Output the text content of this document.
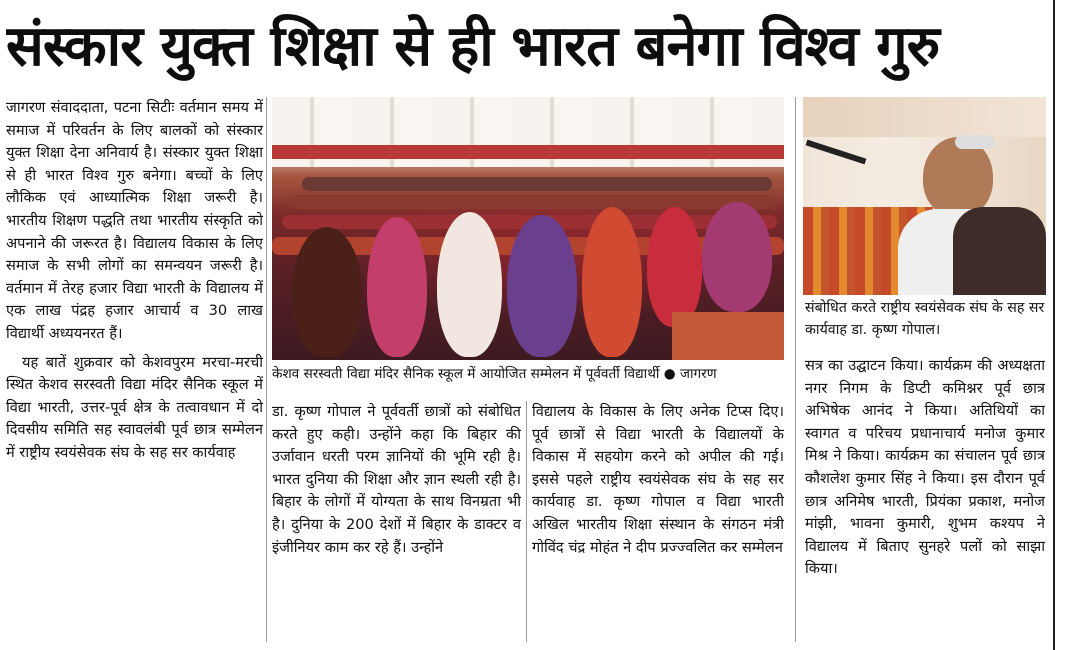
संस्कार युक्त शिक्षा से ही भारत बनेगा विश्व गुरु

जागरण संवाददाता, पटना सिटीः वर्तमान समय में समाज में परिवर्तन के लिए बालकों को संस्कार युक्त शिक्षा देना अनिवार्य है। संस्कार युक्त शिक्षा से ही भारत विश्व गुरु बनेगा। बच्चों के लिए लौकिक एवं आध्यात्मिक शिक्षा जरूरी है। भारतीय शिक्षण पद्धति तथा भारतीय संस्कृति को अपनाने की जरूरत है। विद्यालय विकास के लिए समाज के सभी लोगों का समन्वयन जरूरी है। वर्तमान में तेरह हजार विद्या भारती के विद्यालय में एक लाख पंद्रह हजार आचार्य व 30 लाख विद्यार्थी अध्ययनरत हैं।

यह बातें शुक्रवार को केशवपुरम मरचा-मरची स्थित केशव सरस्वती विद्या मंदिर सैनिक स्कूल में विद्या भारती, उत्तर-पूर्व क्षेत्र के तत्वावधान में दो दिवसीय समिति सह स्वावलंबी पूर्व छात्र सम्मेलन में राष्ट्रीय स्वयंसेवक संघ के सह सर कार्यवाह

केशव सरस्वती विद्या मंदिर सैनिक स्कूल में आयोजित सम्मेलन में पूर्ववर्ती विद्यार्थी ● जागरण

डा. कृष्ण गोपाल ने पूर्ववर्ती छात्रों को संबोधित करते हुए कही। उन्होंने कहा कि बिहार की उर्जावान धरती परम ज्ञानियों की भूमि रही है। भारत दुनिया की शिक्षा और ज्ञान स्थली रही है। बिहार के लोगों में योग्यता के साथ विनम्रता भी है। दुनिया के 200 देशों में बिहार के डाक्टर व इंजीनियर काम कर रहे हैं। उन्होंने

विद्यालय के विकास के लिए अनेक टिप्स दिए। पूर्व छात्रों से विद्या भारती के विद्यालयों के विकास में सहयोग करने को अपील की गई। इससे पहले राष्ट्रीय स्वयंसेवक संघ के सह सर कार्यवाह डा. कृष्ण गोपाल व विद्या भारती अखिल भारतीय शिक्षा संस्थान के संगठन मंत्री गोविंद चंद्र मोहंत ने दीप प्रज्ज्वलित कर सम्मेलन

संबोधित करते राष्ट्रीय स्वयंसेवक संघ के सह सर कार्यवाह डा. कृष्ण गोपाल।

सत्र का उद्घाटन किया। कार्यक्रम की अध्यक्षता नगर निगम के डिप्टी कमिश्नर पूर्व छात्र अभिषेक आनंद ने किया। अतिथियों का स्वागत व परिचय प्रधानाचार्य मनोज कुमार मिश्र ने किया। कार्यक्रम का संचालन पूर्व छात्र कौशलेश कुमार सिंह ने किया। इस दौरान पूर्व छात्र अनिमेष भारती, प्रियंका प्रकाश, मनोज मांझी, भावना कुमारी, शुभम कश्यप ने विद्यालय में बिताए सुनहरे पलों को साझा किया।
